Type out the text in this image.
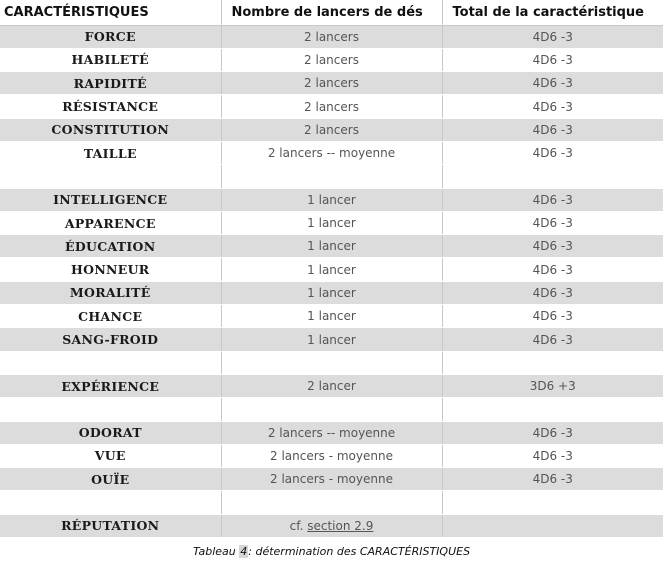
CARACTÉRISTIQUES	Nombre de lancers de dés	Total de la caractéristique
FORCE	2 lancers	4D6 -3
HABILETÉ	2 lancers	4D6 -3
RAPIDITÉ	2 lancers	4D6 -3
RÉSISTANCE	2 lancers	4D6 -3
CONSTITUTION	2 lancers	4D6 -3
TAILLE	2 lancers -- moyenne	4D6 -3

INTELLIGENCE	1 lancer	4D6 -3
APPARENCE	1 lancer	4D6 -3
ÉDUCATION	1 lancer	4D6 -3
HONNEUR	1 lancer	4D6 -3
MORALITÉ	1 lancer	4D6 -3
CHANCE	1 lancer	4D6 -3
SANG-FROID	1 lancer	4D6 -3

EXPÉRIENCE	2 lancer	3D6 +3

ODORAT	2 lancers -- moyenne	4D6 -3
VUE	2 lancers - moyenne	4D6 -3
OUÏE	2 lancers - moyenne	4D6 -3

RÉPUTATION	cf. section 2.9	
Tableau 4: détermination des CARACTÉRISTIQUES
